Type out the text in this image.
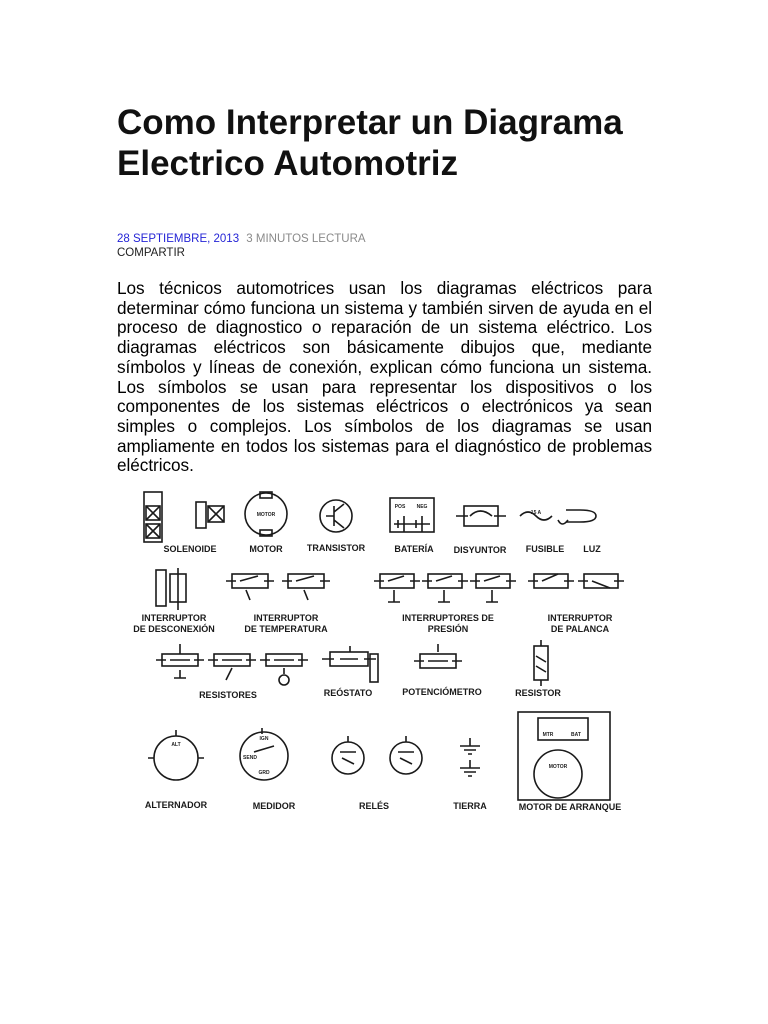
Como Interpretar un Diagrama Electrico Automotriz
28 SEPTIEMBRE, 2013 3 MINUTOS LECTURA
COMPARTIR

Los técnicos automotrices usan los diagramas eléctricos para determinar cómo funciona un sistema y también sirven de ayuda en el proceso de diagnostico o reparación de un sistema eléctrico. Los diagramas eléctricos son básicamente dibujos que, mediante símbolos y líneas de conexión, explican cómo funciona un sistema. Los símbolos se usan para representar los dispositivos o los componentes de los sistemas eléctricos o electrónicos ya sean simples o complejos. Los símbolos de los diagramas se usan ampliamente en todos los sistemas para el diagnóstico de problemas eléctricos.

MOTOR
POS NEG
15 A
SOLENOIDE	MOTOR	TRANSISTOR	BATERÍA DISYUNTOR FUSIBLE LUZ
INTERRUPTOR
DE DESCONEXIÓN
INTERRUPTOR
DE TEMPERATURA
INTERRUPTORES DE
PRESIÓN
INTERRUPTOR
DE PALANCA
RESISTORES	REÓSTATO	POTENCIÓMETRO	RESISTOR
ALT
IGN
SEND
GRD
MTR	BAT
MOTOR
ALTERNADOR	MEDIDOR	RELÉS	TIERRA	MOTOR DE ARRANQUE
